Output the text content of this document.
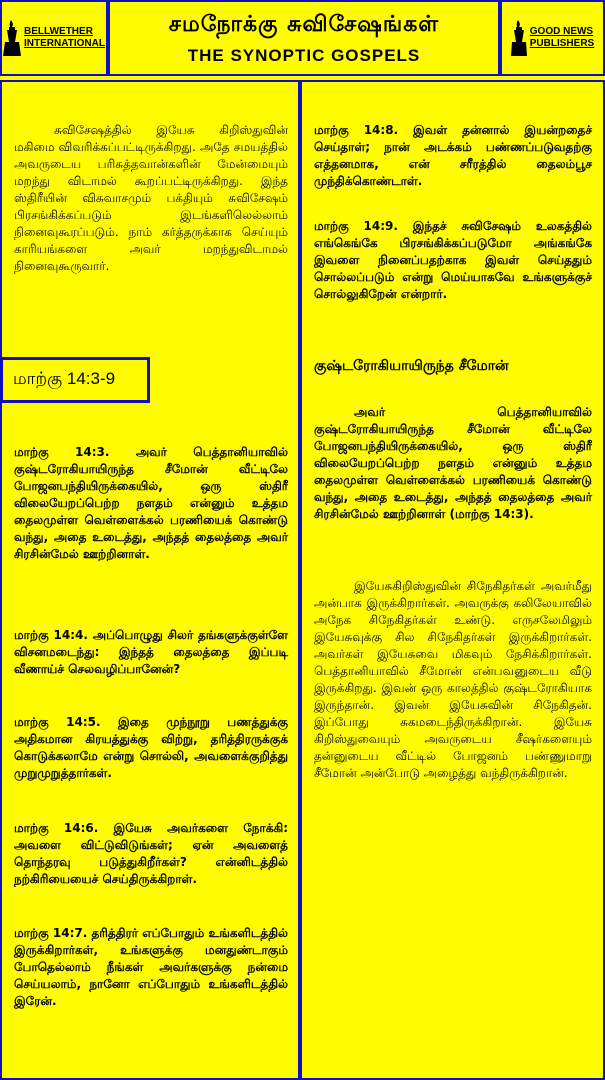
BELLWETHER
INTERNATIONAL
சமநோக்கு சுவிசேஷங்கள்
THE SYNOPTIC GOSPELS
GOOD NEWS
PUBLISHERS
சுவிசேஷத்தில் இயேசு கிறிஸ்துவின் மகிமை விவரிக்கப்பட்டிருக்கிறது. அதே சமயத்தில் அவருடைய பரிசுத்தவான்களின் மேன்மையும் மறந்து விடாமல் கூறப்பட்டிருக்கிறது. இந்த ஸ்திரீயின் விசுவாசமும் பக்தியும் சுவிசேஷம் பிரசங்கிக்கப்படும் இடங்களிலெல்லாம் நினைவுகூரப்படும். நாம் கர்த்தருக்காக செய்யும் காரியங்களை அவர் மறந்துவிடாமல் நினைவுகூருவார்.
மாற்கு 14:3-9
மாற்கு 14:3. அவர் பெத்தானியாவில் குஷ்டரோகியாயிருந்த சீமோன் வீட்டிலே போஜனபந்தியிருக்கையில், ஒரு ஸ்திரீ விலையேறப்பெற்ற நளதம் என்னும் உத்தம தைலமுள்ள வெள்ளைக்கல் பரணியைக் கொண்டு வந்து, அதை உடைத்து, அந்தத் தைலத்தை அவர் சிரசின்மேல் ஊற்றினாள்.
மாற்கு 14:4. அப்பொழுது சிலர் தங்களுக்குள்ளே விசனமடைந்து: இந்தத் தைலத்தை இப்படி வீணாய்ச் செலவழிப்பானேன்?
மாற்கு 14:5. இதை முந்நூறு பணத்துக்கு அதிகமான கிரயத்துக்கு விற்று, தரித்திரருக்குக் கொடுக்கலாமே என்று சொல்லி, அவளைக்குறித்து முறுமுறுத்தார்கள்.
மாற்கு 14:6. இயேசு அவர்களை நோக்கி: அவளை விட்டுவிடுங்கள்; ஏன் அவளைத் தொந்தரவு படுத்துகிறீர்கள்? என்னிடத்தில் நற்கிரியையைச் செய்திருக்கிறாள்.
மாற்கு 14:7. தரித்திரர் எப்போதும் உங்களிடத்தில் இருக்கிறார்கள், உங்களுக்கு மனதுண்டாகும் போதெல்லாம் நீங்கள் அவர்களுக்கு நன்மை செய்யலாம், நானோ எப்போதும் உங்களிடத்தில் இரேன்.
மாற்கு 14:8. இவள் தன்னால் இயன்றதைச் செய்தாள்; நான் அடக்கம் பண்ணப்படுவதற்கு எத்தனமாக, என் சரீரத்தில் தைலம்பூச முந்திக்கொண்டாள்.
மாற்கு 14:9. இந்தச் சுவிசேஷம் உலகத்தில் எங்கெங்கே பிரசங்கிக்கப்படுமோ அங்கங்கே இவளை நினைப்பதற்காக இவள் செய்ததும் சொல்லப்படும் என்று மெய்யாகவே உங்களுக்குச் சொல்லுகிறேன் என்றார்.
குஷ்டரோகியாயிருந்த சீமோன்
அவர் பெத்தானியாவில் குஷ்டரோகியாயிருந்த சீமோன் வீட்டிலே போஜனபந்தியிருக்கையில், ஒரு ஸ்திரீ விலையேறப்பெற்ற நளதம் என்னும் உத்தம தைலமுள்ள வெள்ளைக்கல் பரணியைக் கொண்டு வந்து, அதை உடைத்து, அந்தத் தைலத்தை அவர் சிரசின்மேல் ஊற்றினாள் (மாற்கு 14:3).
இயேசுகிறிஸ்துவின் சிநேகிதர்கள் அவர்மீது அன்பாக இருக்கிறார்கள். அவருக்கு கலிலேயாவில் அநேக சிநேகிதர்கள் உண்டு. எருசலேமிலும் இயேசுவுக்கு சில சிநேகிதர்கள் இருக்கிறார்கள். அவர்கள் இயேசுவை மிகவும் நேசிக்கிறார்கள். பெத்தானியாவில் சீமோன் என்பவனுடைய வீடு இருக்கிறது. இவன் ஒரு காலத்தில் குஷ்டரோகியாக இருந்தான். இவன் இயேசுவின் சிநேகிதன். இப்போது சுகமடைந்திருக்கிறான். இயேசு கிறிஸ்துவையும் அவருடைய சீஷர்களையும் தன்னுடைய வீட்டில் போஜனம் பண்ணுமாறு சீமோன் அன்போடு அழைத்து வந்திருக்கிறான்.
